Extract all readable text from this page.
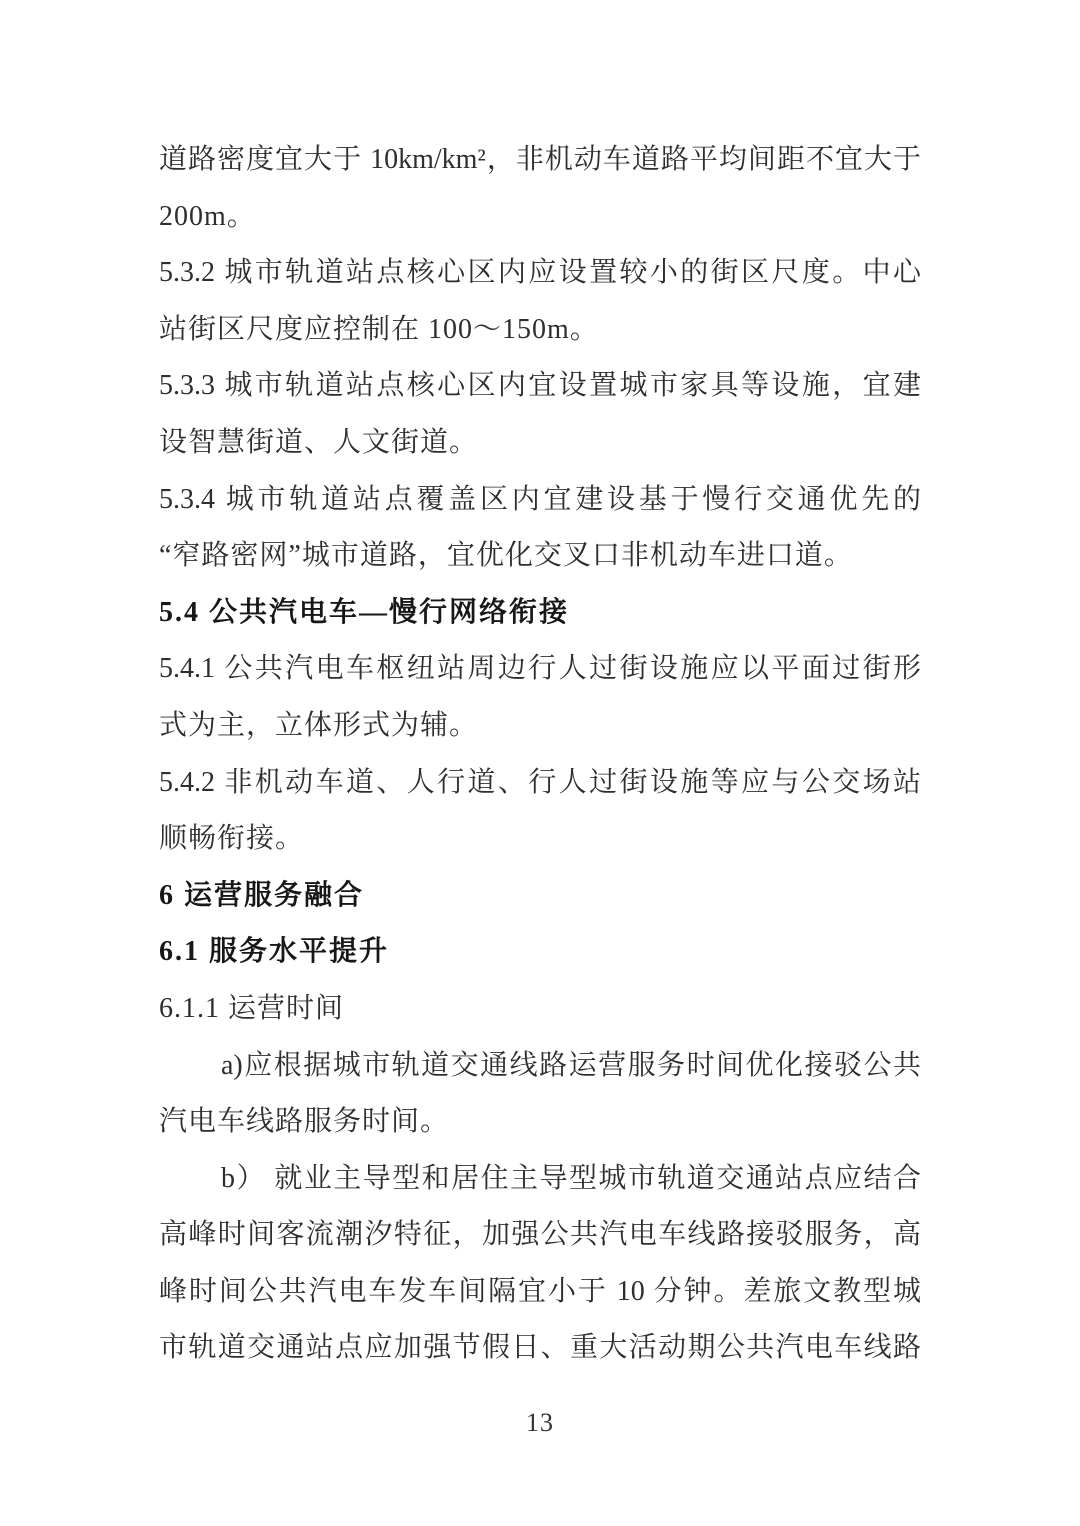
道路密度宜大于 10km/km²，非机动车道路平均间距不宜大于
200m。
5.3.2 城市轨道站点核心区内应设置较小的街区尺度。中心
站街区尺度应控制在 100～150m。
5.3.3 城市轨道站点核心区内宜设置城市家具等设施，宜建
设智慧街道、人文街道。
5.3.4 城市轨道站点覆盖区内宜建设基于慢行交通优先的
“窄路密网”城市道路，宜优化交叉口非机动车进口道。
5.4 公共汽电车—慢行网络衔接
5.4.1 公共汽电车枢纽站周边行人过街设施应以平面过街形
式为主，立体形式为辅。
5.4.2 非机动车道、人行道、行人过街设施等应与公交场站
顺畅衔接。
6 运营服务融合
6.1 服务水平提升
6.1.1 运营时间
a)应根据城市轨道交通线路运营服务时间优化接驳公共
汽电车线路服务时间。
b） 就业主导型和居住主导型城市轨道交通站点应结合
高峰时间客流潮汐特征，加强公共汽电车线路接驳服务，高
峰时间公共汽电车发车间隔宜小于 10 分钟。差旅文教型城
市轨道交通站点应加强节假日、重大活动期公共汽电车线路
13
